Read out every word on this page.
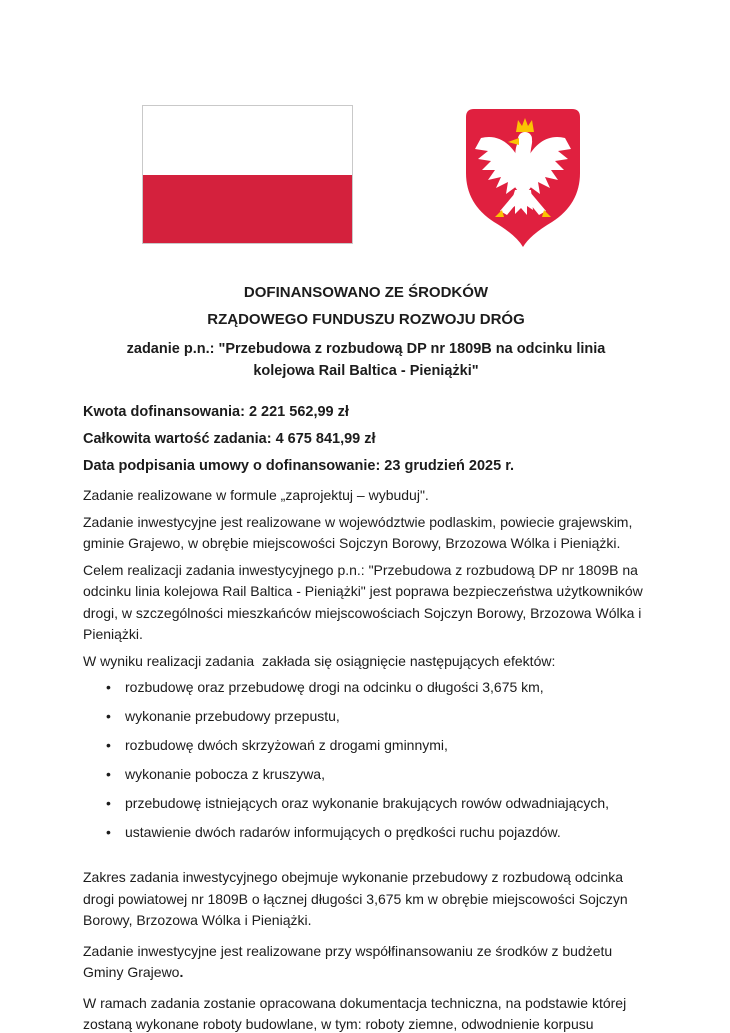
DOFINANSOWANO ZE ŚRODKÓW

RZĄDOWEGO FUNDUSZU ROZWOJU DRÓG

zadanie p.n.: "Przebudowa z rozbudową DP nr 1809B na odcinku linia kolejowa Rail Baltica - Pieniążki"

Kwota dofinansowania: 2 221 562,99 zł

Całkowita wartość zadania: 4 675 841,99 zł

Data podpisania umowy o dofinansowanie: 23 grudzień 2025 r.

Zadanie realizowane w formule „zaprojektuj – wybuduj".

Zadanie inwestycyjne jest realizowane w województwie podlaskim, powiecie grajewskim, gminie Grajewo, w obrębie miejscowości Sojczyn Borowy, Brzozowa Wólka i Pieniążki.

Celem realizacji zadania inwestycyjnego p.n.: "Przebudowa z rozbudową DP nr 1809B na odcinku linia kolejowa Rail Baltica - Pieniążki" jest poprawa bezpieczeństwa użytkowników drogi, w szczególności mieszkańców miejscowościach Sojczyn Borowy, Brzozowa Wólka i Pieniążki.

W wyniku realizacji zadania  zakłada się osiągnięcie następujących efektów:

• rozbudowę oraz przebudowę drogi na odcinku o długości 3,675 km,
• wykonanie przebudowy przepustu,
• rozbudowę dwóch skrzyżowań z drogami gminnymi,
• wykonanie pobocza z kruszywa,
• przebudowę istniejących oraz wykonanie brakujących rowów odwadniających,
• ustawienie dwóch radarów informujących o prędkości ruchu pojazdów.

Zakres zadania inwestycyjnego obejmuje wykonanie przebudowy z rozbudową odcinka drogi powiatowej nr 1809B o łącznej długości 3,675 km w obrębie miejscowości Sojczyn Borowy, Brzozowa Wólka i Pieniążki.

Zadanie inwestycyjne jest realizowane przy współfinansowaniu ze środków z budżetu Gminy Grajewo.

W ramach zadania zostanie opracowana dokumentacja techniczna, na podstawie której zostaną wykonane roboty budowlane, w tym: roboty ziemne, odwodnienie korpusu
